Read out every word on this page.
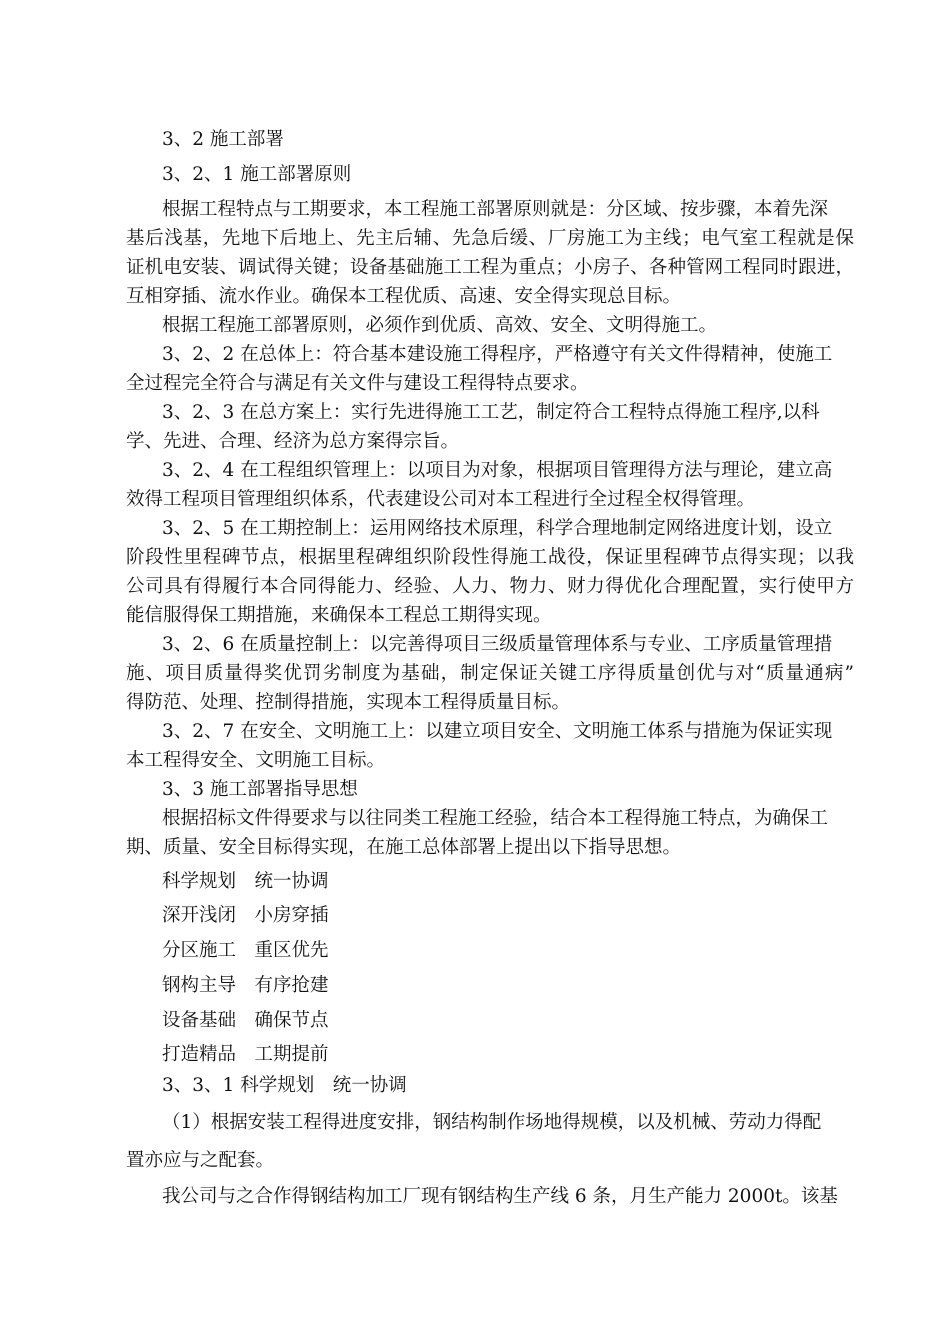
3、2 施工部署
3、2、1 施工部署原则
根据工程特点与工期要求，本工程施工部署原则就是：分区域、按步骤，本着先深
基后浅基，先地下后地上、先主后辅、先急后缓、厂房施工为主线；电气室工程就是保
证机电安装、调试得关键；设备基础施工工程为重点；小房子、各种管网工程同时跟进，
互相穿插、流水作业。确保本工程优质、高速、安全得实现总目标。
根据工程施工部署原则，必须作到优质、高效、安全、文明得施工。
3、2、2 在总体上：符合基本建设施工得程序，严格遵守有关文件得精神，使施工
全过程完全符合与满足有关文件与建设工程得特点要求。
3、2、3 在总方案上：实行先进得施工工艺，制定符合工程特点得施工程序,以科
学、先进、合理、经济为总方案得宗旨。
3、2、4 在工程组织管理上：以项目为对象，根据项目管理得方法与理论，建立高
效得工程项目管理组织体系，代表建设公司对本工程进行全过程全权得管理。
3、2、5 在工期控制上：运用网络技术原理，科学合理地制定网络进度计划，设立
阶段性里程碑节点，根据里程碑组织阶段性得施工战役，保证里程碑节点得实现；以我
公司具有得履行本合同得能力、经验、人力、物力、财力得优化合理配置，实行使甲方
能信服得保工期措施，来确保本工程总工期得实现。
3、2、6 在质量控制上：以完善得项目三级质量管理体系与专业、工序质量管理措
施、项目质量得奖优罚劣制度为基础，制定保证关键工序得质量创优与对“质量通病”
得防范、处理、控制得措施，实现本工程得质量目标。
3、2、7 在安全、文明施工上：以建立项目安全、文明施工体系与措施为保证实现
本工程得安全、文明施工目标。
3、3 施工部署指导思想
根据招标文件得要求与以往同类工程施工经验，结合本工程得施工特点，为确保工
期、质量、安全目标得实现，在施工总体部署上提出以下指导思想。
科学规划　统一协调
深开浅闭　小房穿插
分区施工　重区优先
钢构主导　有序抢建
设备基础　确保节点
打造精品　工期提前
3、3、1 科学规划　统一协调
（1）根据安装工程得进度安排，钢结构制作场地得规模，以及机械、劳动力得配
置亦应与之配套。
我公司与之合作得钢结构加工厂现有钢结构生产线 6 条，月生产能力 2000t。该基
